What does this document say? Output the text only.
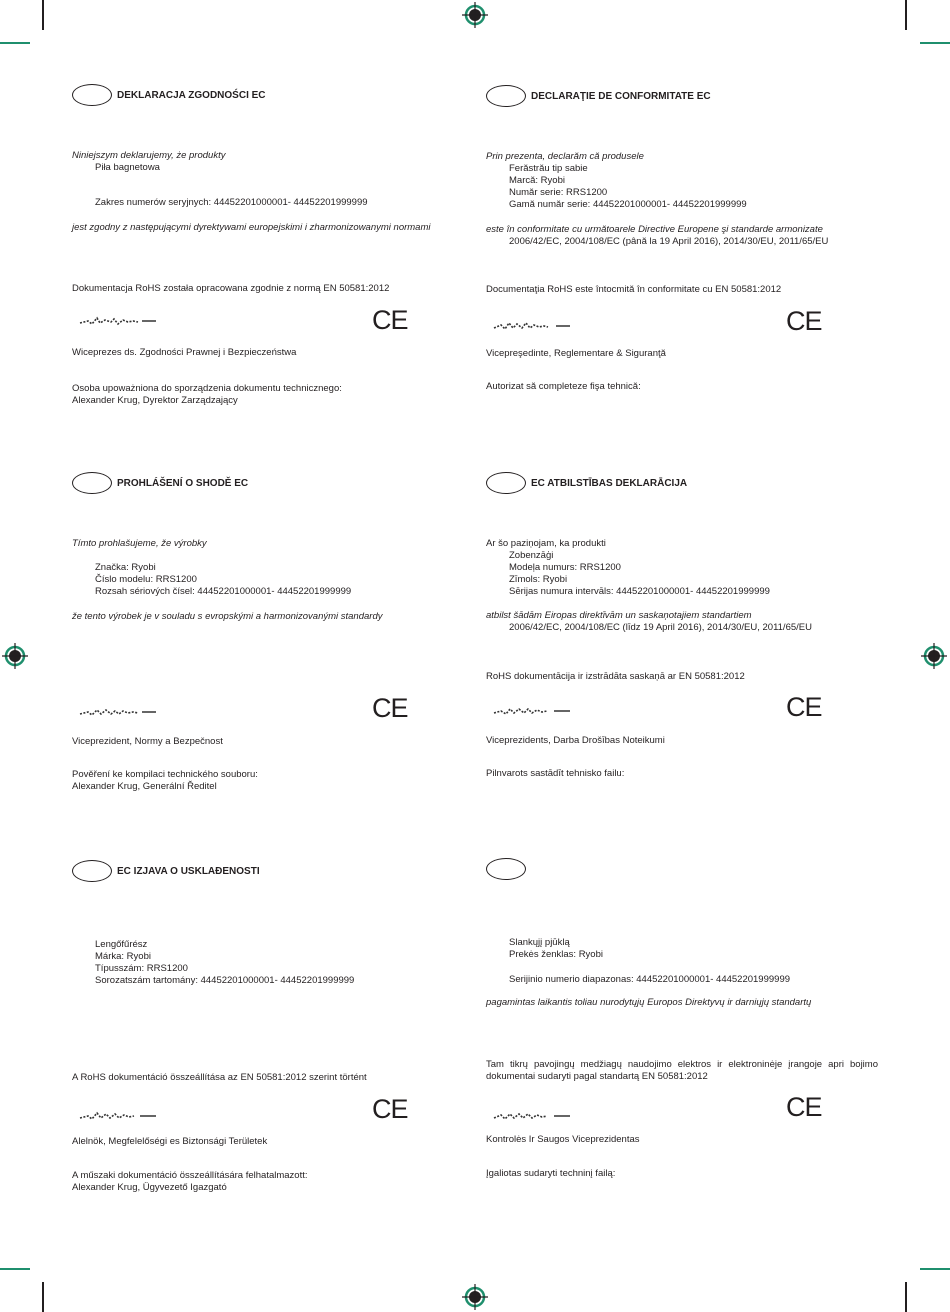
DEKLARACJA ZGODNOŚCI EC
Niniejszym deklarujemy, że produkty
Piła bagnetowa
Zakres numerów seryjnych: 44452201000001- 44452201999999
jest zgodny z następującymi dyrektywami europejskimi i zharmonizowanymi normami
Dokumentacja RoHS została opracowana zgodnie z normą EN 50581:2012
CE
Wiceprezes ds. Zgodności Prawnej i Bezpieczeństwa
Osoba upoważniona do sporządzenia dokumentu technicznego:
Alexander Krug, Dyrektor Zarządzający
DECLARAŢIE DE CONFORMITATE EC
Prin prezenta, declarăm că produsele
Ferăstrău tip sabie
Marcă: Ryobi
Număr serie: RRS1200
Gamă număr serie: 44452201000001- 44452201999999
este în conformitate cu următoarele Directive Europene şi standarde armonizate
2006/42/EC, 2004/108/EC (până la 19 April 2016), 2014/30/EU, 2011/65/EU
Documentaţia RoHS este întocmită în conformitate cu EN 50581:2012
CE
Vicepreşedinte, Reglementare & Siguranţă
Autorizat să completeze fişa tehnică:
PROHLÁŠENÍ O SHODĚ EC
Tímto prohlašujeme, že výrobky
Značka: Ryobi
Číslo modelu: RRS1200
Rozsah sériových čísel: 44452201000001- 44452201999999
že tento výrobek je v souladu s evropskými a harmonizovanými standardy
CE
Viceprezident, Normy a Bezpečnost
Pověření ke kompilaci technického souboru:
Alexander Krug, Generální Ředitel
EC ATBILSTĪBAS DEKLARĀCIJA
Ar šo paziņojam, ka produkti
Zobenzāģi
Modeļa numurs: RRS1200
Zīmols: Ryobi
Sērijas numura intervāls: 44452201000001- 44452201999999
atbilst šādām Eiropas direktīvām un saskaņotajiem standartiem
2006/42/EC, 2004/108/EC (līdz 19 April 2016), 2014/30/EU, 2011/65/EU
RoHS dokumentācija ir izstrādāta saskaņā ar EN 50581:2012
CE
Viceprezidents, Darba Drošības Noteikumi
Pilnvarots sastādīt tehnisko failu:
EC IZJAVA O USKLAĐENOSTI
Lengőfűrész
Márka: Ryobi
Típusszám: RRS1200
Sorozatszám tartomány: 44452201000001- 44452201999999
A RoHS dokumentáció összeállítása az EN 50581:2012 szerint történt
CE
Alelnök, Megfelelőségi es Biztonsági Területek
A műszaki dokumentáció összeállítására felhatalmazott:
Alexander Krug, Ügyvezető Igazgató
Slankųjį pjūklą
Prekės ženklas: Ryobi
Serijinio numerio diapazonas: 44452201000001- 44452201999999
pagamintas laikantis toliau nurodytųjų Europos Direktyvų ir darniųjų standartų
Tam tikrų pavojingų medžiagų naudojimo elektros ir elektroninėje įrangoje apri bojimo dokumentai sudaryti pagal standartą EN 50581:2012
CE
Kontrolės Ir Saugos Viceprezidentas
Įgaliotas sudaryti techninį failą:
